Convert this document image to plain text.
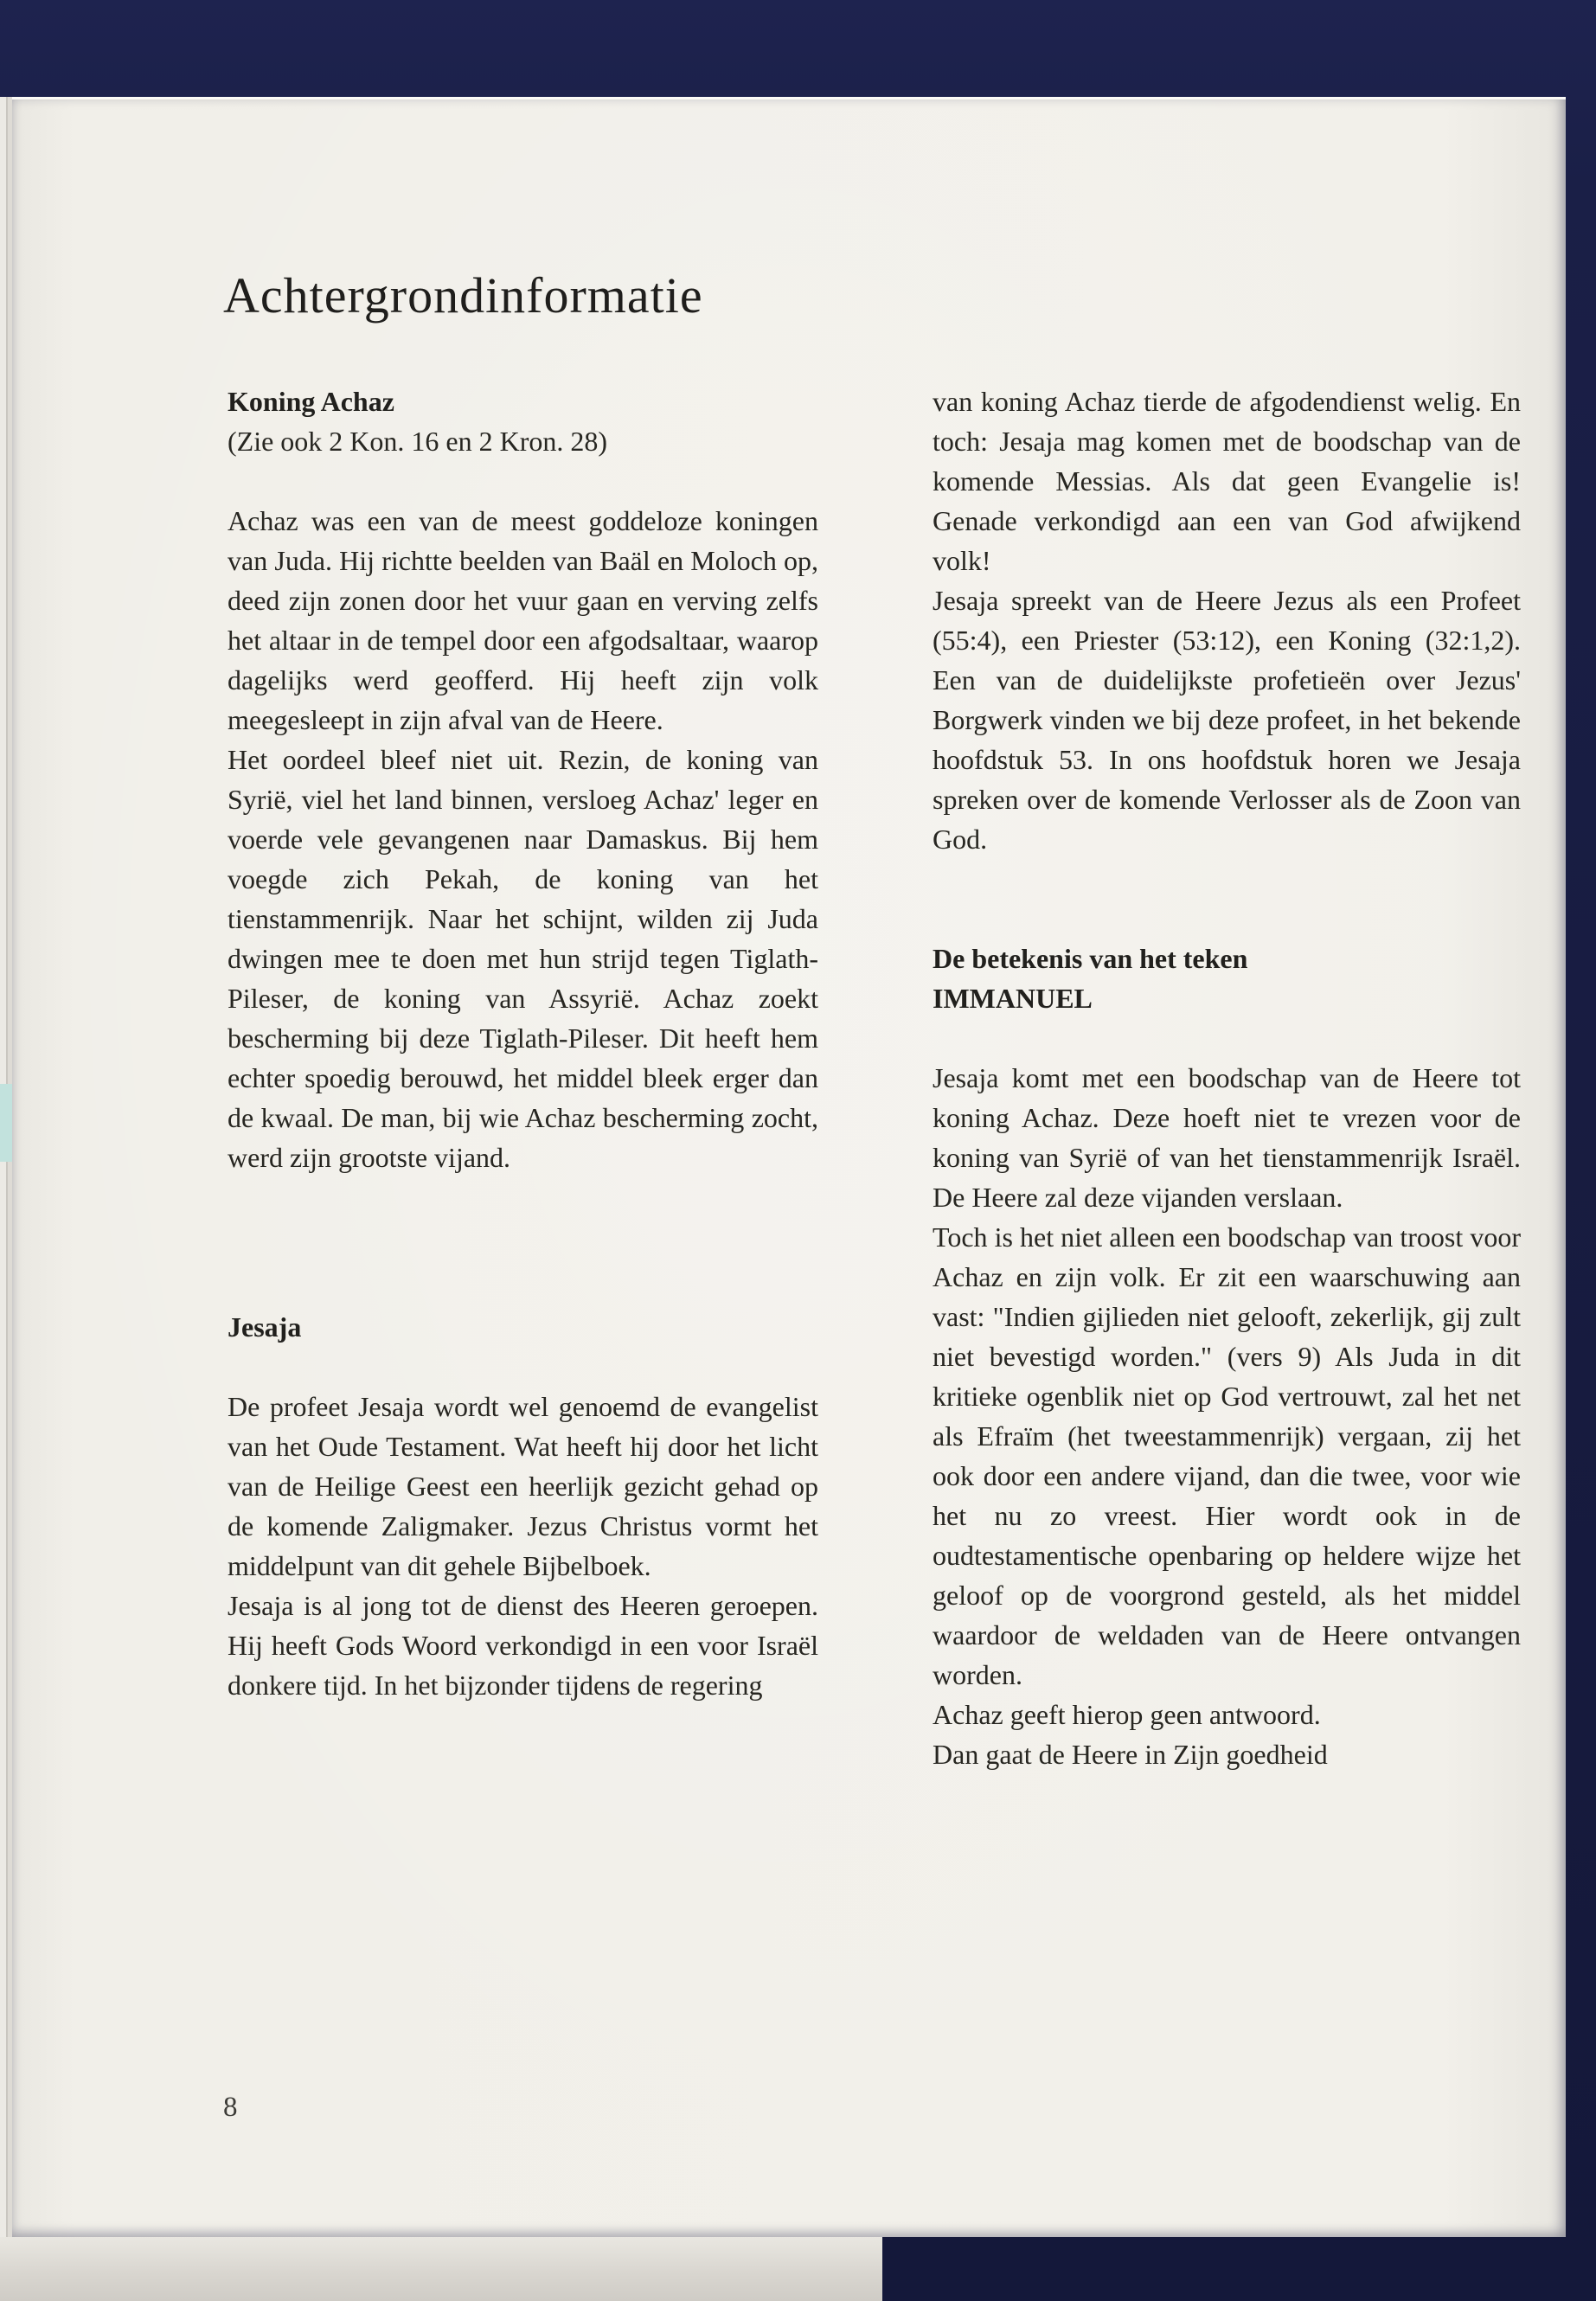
Achtergrondinformatie
Koning Achaz

(Zie ook 2 Kon. 16 en 2 Kron. 28)

Achaz was een van de meest goddeloze koningen van Juda. Hij richtte beelden van Baäl en Moloch op, deed zijn zonen door het vuur gaan en verving zelfs het altaar in de tempel door een afgodsaltaar, waarop dagelijks werd geofferd. Hij heeft zijn volk meegesleept in zijn afval van de Heere.

Het oordeel bleef niet uit. Rezin, de koning van Syrië, viel het land binnen, versloeg Achaz' leger en voerde vele gevangenen naar Damaskus. Bij hem voegde zich Pekah, de koning van het tienstammenrijk. Naar het schijnt, wilden zij Juda dwingen mee te doen met hun strijd tegen Tiglath-Pileser, de koning van Assyrië. Achaz zoekt bescherming bij deze Tiglath-Pileser. Dit heeft hem echter spoedig berouwd, het middel bleek erger dan de kwaal. De man, bij wie Achaz bescherming zocht, werd zijn grootste vijand.

Jesaja

De profeet Jesaja wordt wel genoemd de evangelist van het Oude Testament. Wat heeft hij door het licht van de Heilige Geest een heerlijk gezicht gehad op de komende Zaligmaker. Jezus Christus vormt het middelpunt van dit gehele Bijbelboek.

Jesaja is al jong tot de dienst des Heeren geroepen. Hij heeft Gods Woord verkondigd in een voor Israël donkere tijd. In het bijzonder tijdens de regering

van koning Achaz tierde de afgodendienst welig. En toch: Jesaja mag komen met de boodschap van de komende Messias. Als dat geen Evangelie is! Genade verkondigd aan een van God afwijkend volk!

Jesaja spreekt van de Heere Jezus als een Profeet (55:4), een Priester (53:12), een Koning (32:1,2). Een van de duidelijkste profetieën over Jezus' Borgwerk vinden we bij deze profeet, in het bekende hoofdstuk 53. In ons hoofdstuk horen we Jesaja spreken over de komende Verlosser als de Zoon van God.

De betekenis van het teken
IMMANUEL

Jesaja komt met een boodschap van de Heere tot koning Achaz. Deze hoeft niet te vrezen voor de koning van Syrië of van het tienstammenrijk Israël. De Heere zal deze vijanden verslaan.

Toch is het niet alleen een boodschap van troost voor Achaz en zijn volk. Er zit een waarschuwing aan vast: "Indien gijlieden niet gelooft, zekerlijk, gij zult niet bevestigd worden." (vers 9) Als Juda in dit kritieke ogenblik niet op God vertrouwt, zal het net als Efraïm (het tweestammenrijk) vergaan, zij het ook door een andere vijand, dan die twee, voor wie het nu zo vreest. Hier wordt ook in de oudtestamentische openbaring op heldere wijze het geloof op de voorgrond gesteld, als het middel waardoor de weldaden van de Heere ontvangen worden.

Achaz geeft hierop geen antwoord.

Dan gaat de Heere in Zijn goedheid

8
